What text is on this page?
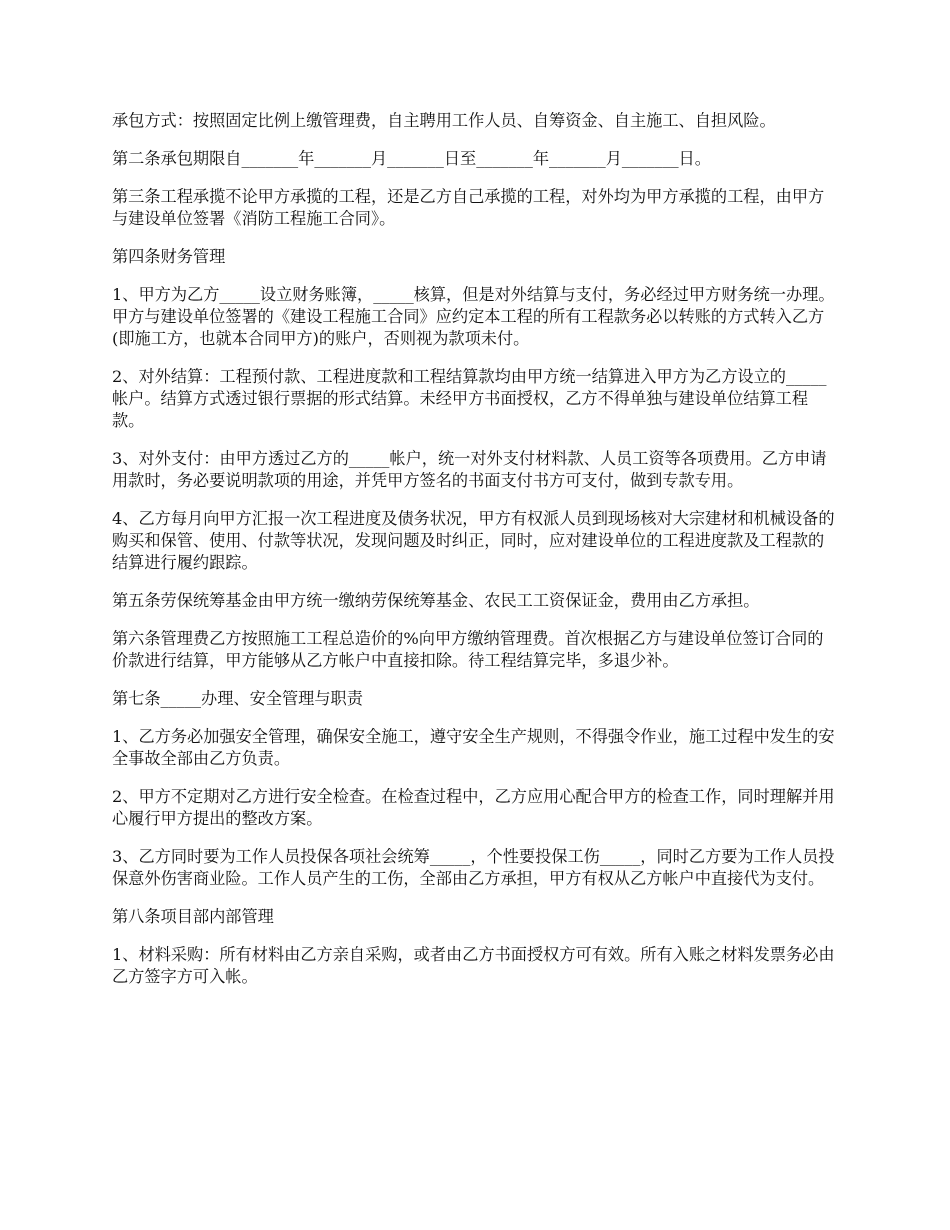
承包方式：按照固定比例上缴管理费，自主聘用工作人员、自筹资金、自主施工、自担风险。

第二条承包期限自_______年_______月_______日至_______年_______月_______日。

第三条工程承揽不论甲方承揽的工程，还是乙方自己承揽的工程，对外均为甲方承揽的工程，由甲方与建设单位签署《消防工程施工合同》。

第四条财务管理

1、甲方为乙方_____设立财务账簿，_____核算，但是对外结算与支付，务必经过甲方财务统一办理。甲方与建设单位签署的《建设工程施工合同》应约定本工程的所有工程款务必以转账的方式转入乙方(即施工方，也就本合同甲方)的账户，否则视为款项未付。

2、对外结算：工程预付款、工程进度款和工程结算款均由甲方统一结算进入甲方为乙方设立的_____帐户。结算方式透过银行票据的形式结算。未经甲方书面授权，乙方不得单独与建设单位结算工程款。

3、对外支付：由甲方透过乙方的_____帐户，统一对外支付材料款、人员工资等各项费用。乙方申请用款时，务必要说明款项的用途，并凭甲方签名的书面支付书方可支付，做到专款专用。

4、乙方每月向甲方汇报一次工程进度及债务状况，甲方有权派人员到现场核对大宗建材和机械设备的购买和保管、使用、付款等状况，发现问题及时纠正，同时，应对建设单位的工程进度款及工程款的结算进行履约跟踪。

第五条劳保统筹基金由甲方统一缴纳劳保统筹基金、农民工工资保证金，费用由乙方承担。

第六条管理费乙方按照施工工程总造价的%向甲方缴纳管理费。首次根据乙方与建设单位签订合同的价款进行结算，甲方能够从乙方帐户中直接扣除。待工程结算完毕，多退少补。

第七条_____办理、安全管理与职责

1、乙方务必加强安全管理，确保安全施工，遵守安全生产规则，不得强令作业，施工过程中发生的安全事故全部由乙方负责。

2、甲方不定期对乙方进行安全检查。在检查过程中，乙方应用心配合甲方的检查工作，同时理解并用心履行甲方提出的整改方案。

3、乙方同时要为工作人员投保各项社会统筹_____，个性要投保工伤_____，同时乙方要为工作人员投保意外伤害商业险。工作人员产生的工伤，全部由乙方承担，甲方有权从乙方帐户中直接代为支付。

第八条项目部内部管理

1、材料采购：所有材料由乙方亲自采购，或者由乙方书面授权方可有效。所有入账之材料发票务必由乙方签字方可入帐。
